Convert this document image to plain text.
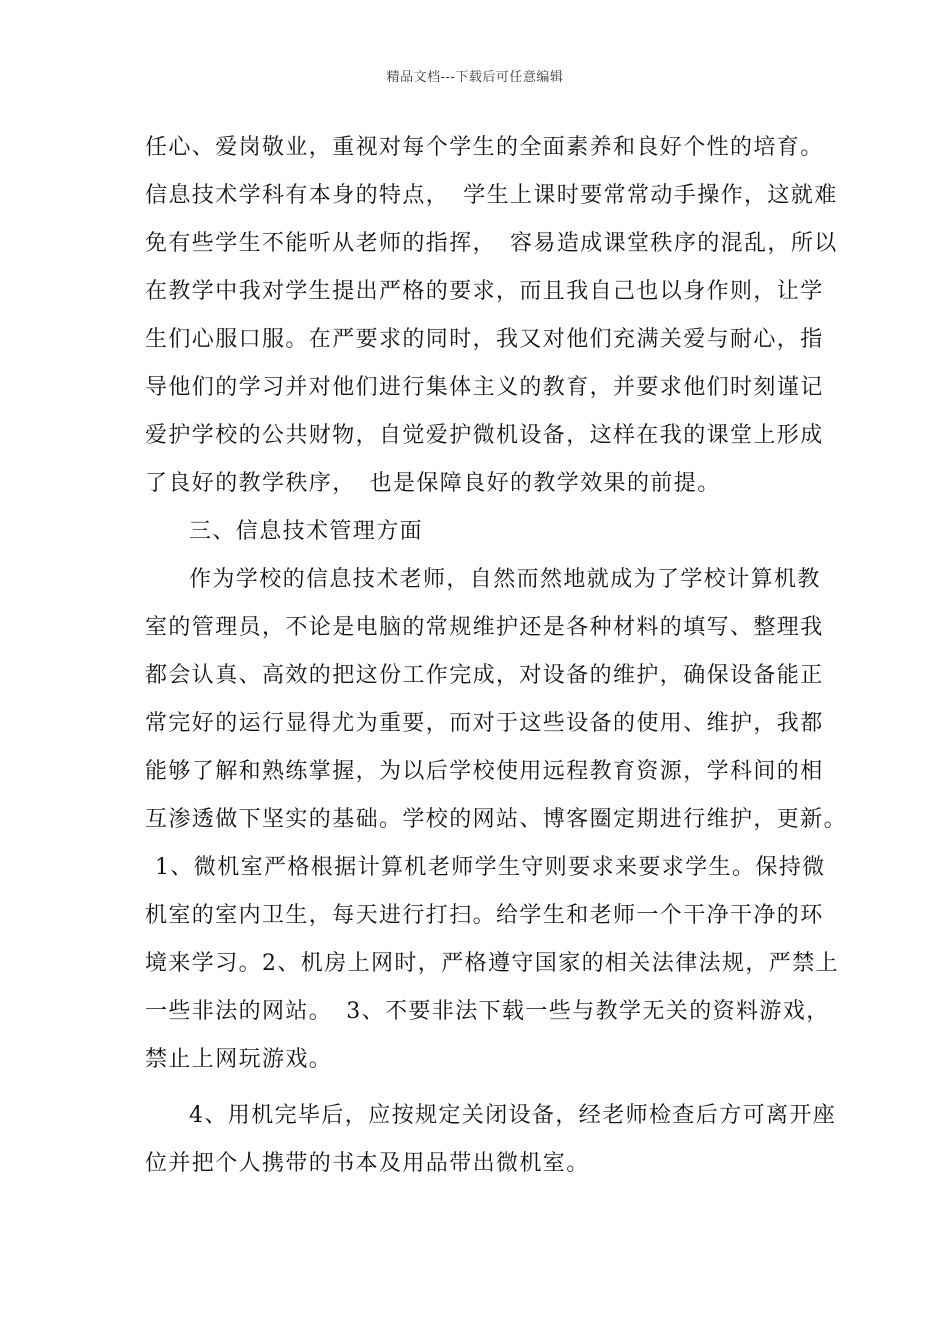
精品文档---下载后可任意编辑
任心、爱岗敬业，重视对每个学生的全面素养和良好个性的培育。
信息技术学科有本身的特点， 学生上课时要常常动手操作，这就难
免有些学生不能听从老师的指挥， 容易造成课堂秩序的混乱，所以
在教学中我对学生提出严格的要求，而且我自己也以身作则，让学
生们心服口服。在严要求的同时，我又对他们充满关爱与耐心，指
导他们的学习并对他们进行集体主义的教育，并要求他们时刻谨记
爱护学校的公共财物，自觉爱护微机设备，这样在我的课堂上形成
了良好的教学秩序， 也是保障良好的教学效果的前提。
三、信息技术管理方面
作为学校的信息技术老师，自然而然地就成为了学校计算机教
室的管理员，不论是电脑的常规维护还是各种材料的填写、整理我
都会认真、高效的把这份工作完成，对设备的维护，确保设备能正
常完好的运行显得尤为重要，而对于这些设备的使用、维护，我都
能够了解和熟练掌握，为以后学校使用远程教育资源，学科间的相
互渗透做下坚实的基础。学校的网站、博客圈定期进行维护，更新。
1、微机室严格根据计算机老师学生守则要求来要求学生。保持微
机室的室内卫生，每天进行打扫。给学生和老师一个干净干净的环
境来学习。2、机房上网时，严格遵守国家的相关法律法规，严禁上
一些非法的网站。 3、不要非法下载一些与教学无关的资料游戏，
禁止上网玩游戏。
4、用机完毕后，应按规定关闭设备，经老师检查后方可离开座
位并把个人携带的书本及用品带出微机室。
